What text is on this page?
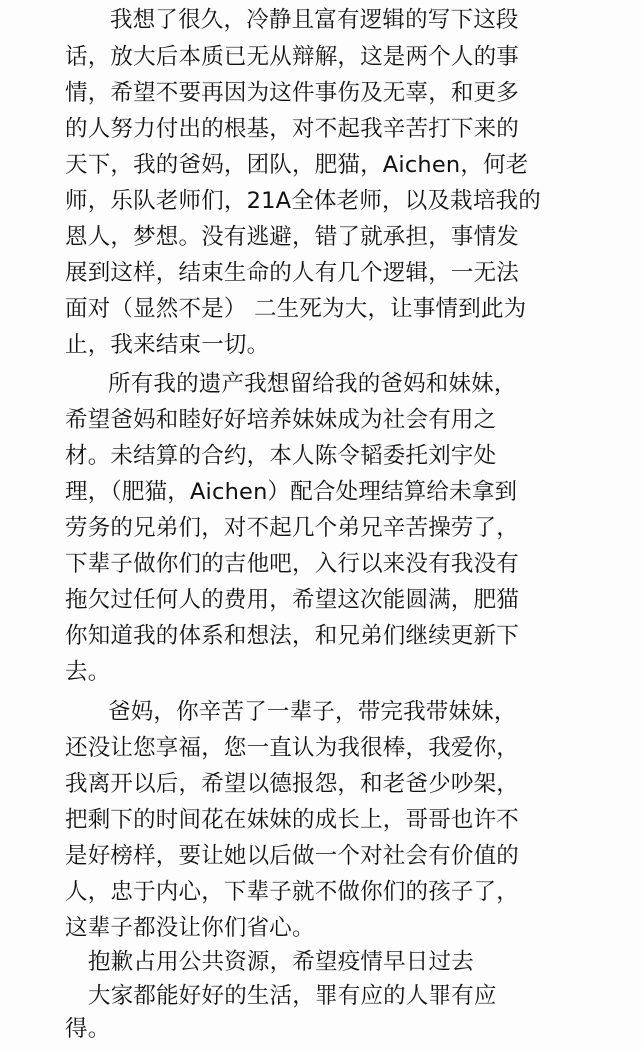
我想了很久，冷静且富有逻辑的写下这段
话，放大后本质已无从辩解，这是两个人的事
情，希望不要再因为这件事伤及无辜，和更多
的人努力付出的根基，对不起我辛苦打下来的
天下，我的爸妈，团队，肥猫，Aichen，何老
师，乐队老师们，21A全体老师，以及栽培我的
恩人，梦想。没有逃避，错了就承担，事情发
展到这样，结束生命的人有几个逻辑，一无法
面对（显然不是） 二生死为大，让事情到此为
止，我来结束一切。
所有我的遗产我想留给我的爸妈和妹妹，
希望爸妈和睦好好培养妹妹成为社会有用之
材。未结算的合约，本人陈令韬委托刘宇处
理，（肥猫，Aichen）配合处理结算给未拿到
劳务的兄弟们，对不起几个弟兄辛苦操劳了，
下辈子做你们的吉他吧，入行以来没有我没有
拖欠过任何人的费用，希望这次能圆满，肥猫
你知道我的体系和想法，和兄弟们继续更新下
去。
爸妈，你辛苦了一辈子，带完我带妹妹，
还没让您享福，您一直认为我很棒，我爱你，
我离开以后，希望以德报怨，和老爸少吵架，
把剩下的时间花在妹妹的成长上，哥哥也许不
是好榜样，要让她以后做一个对社会有价值的
人，忠于内心，下辈子就不做你们的孩子了，
这辈子都没让你们省心。
抱歉占用公共资源，希望疫情早日过去
大家都能好好的生活，罪有应的人罪有应
得。
